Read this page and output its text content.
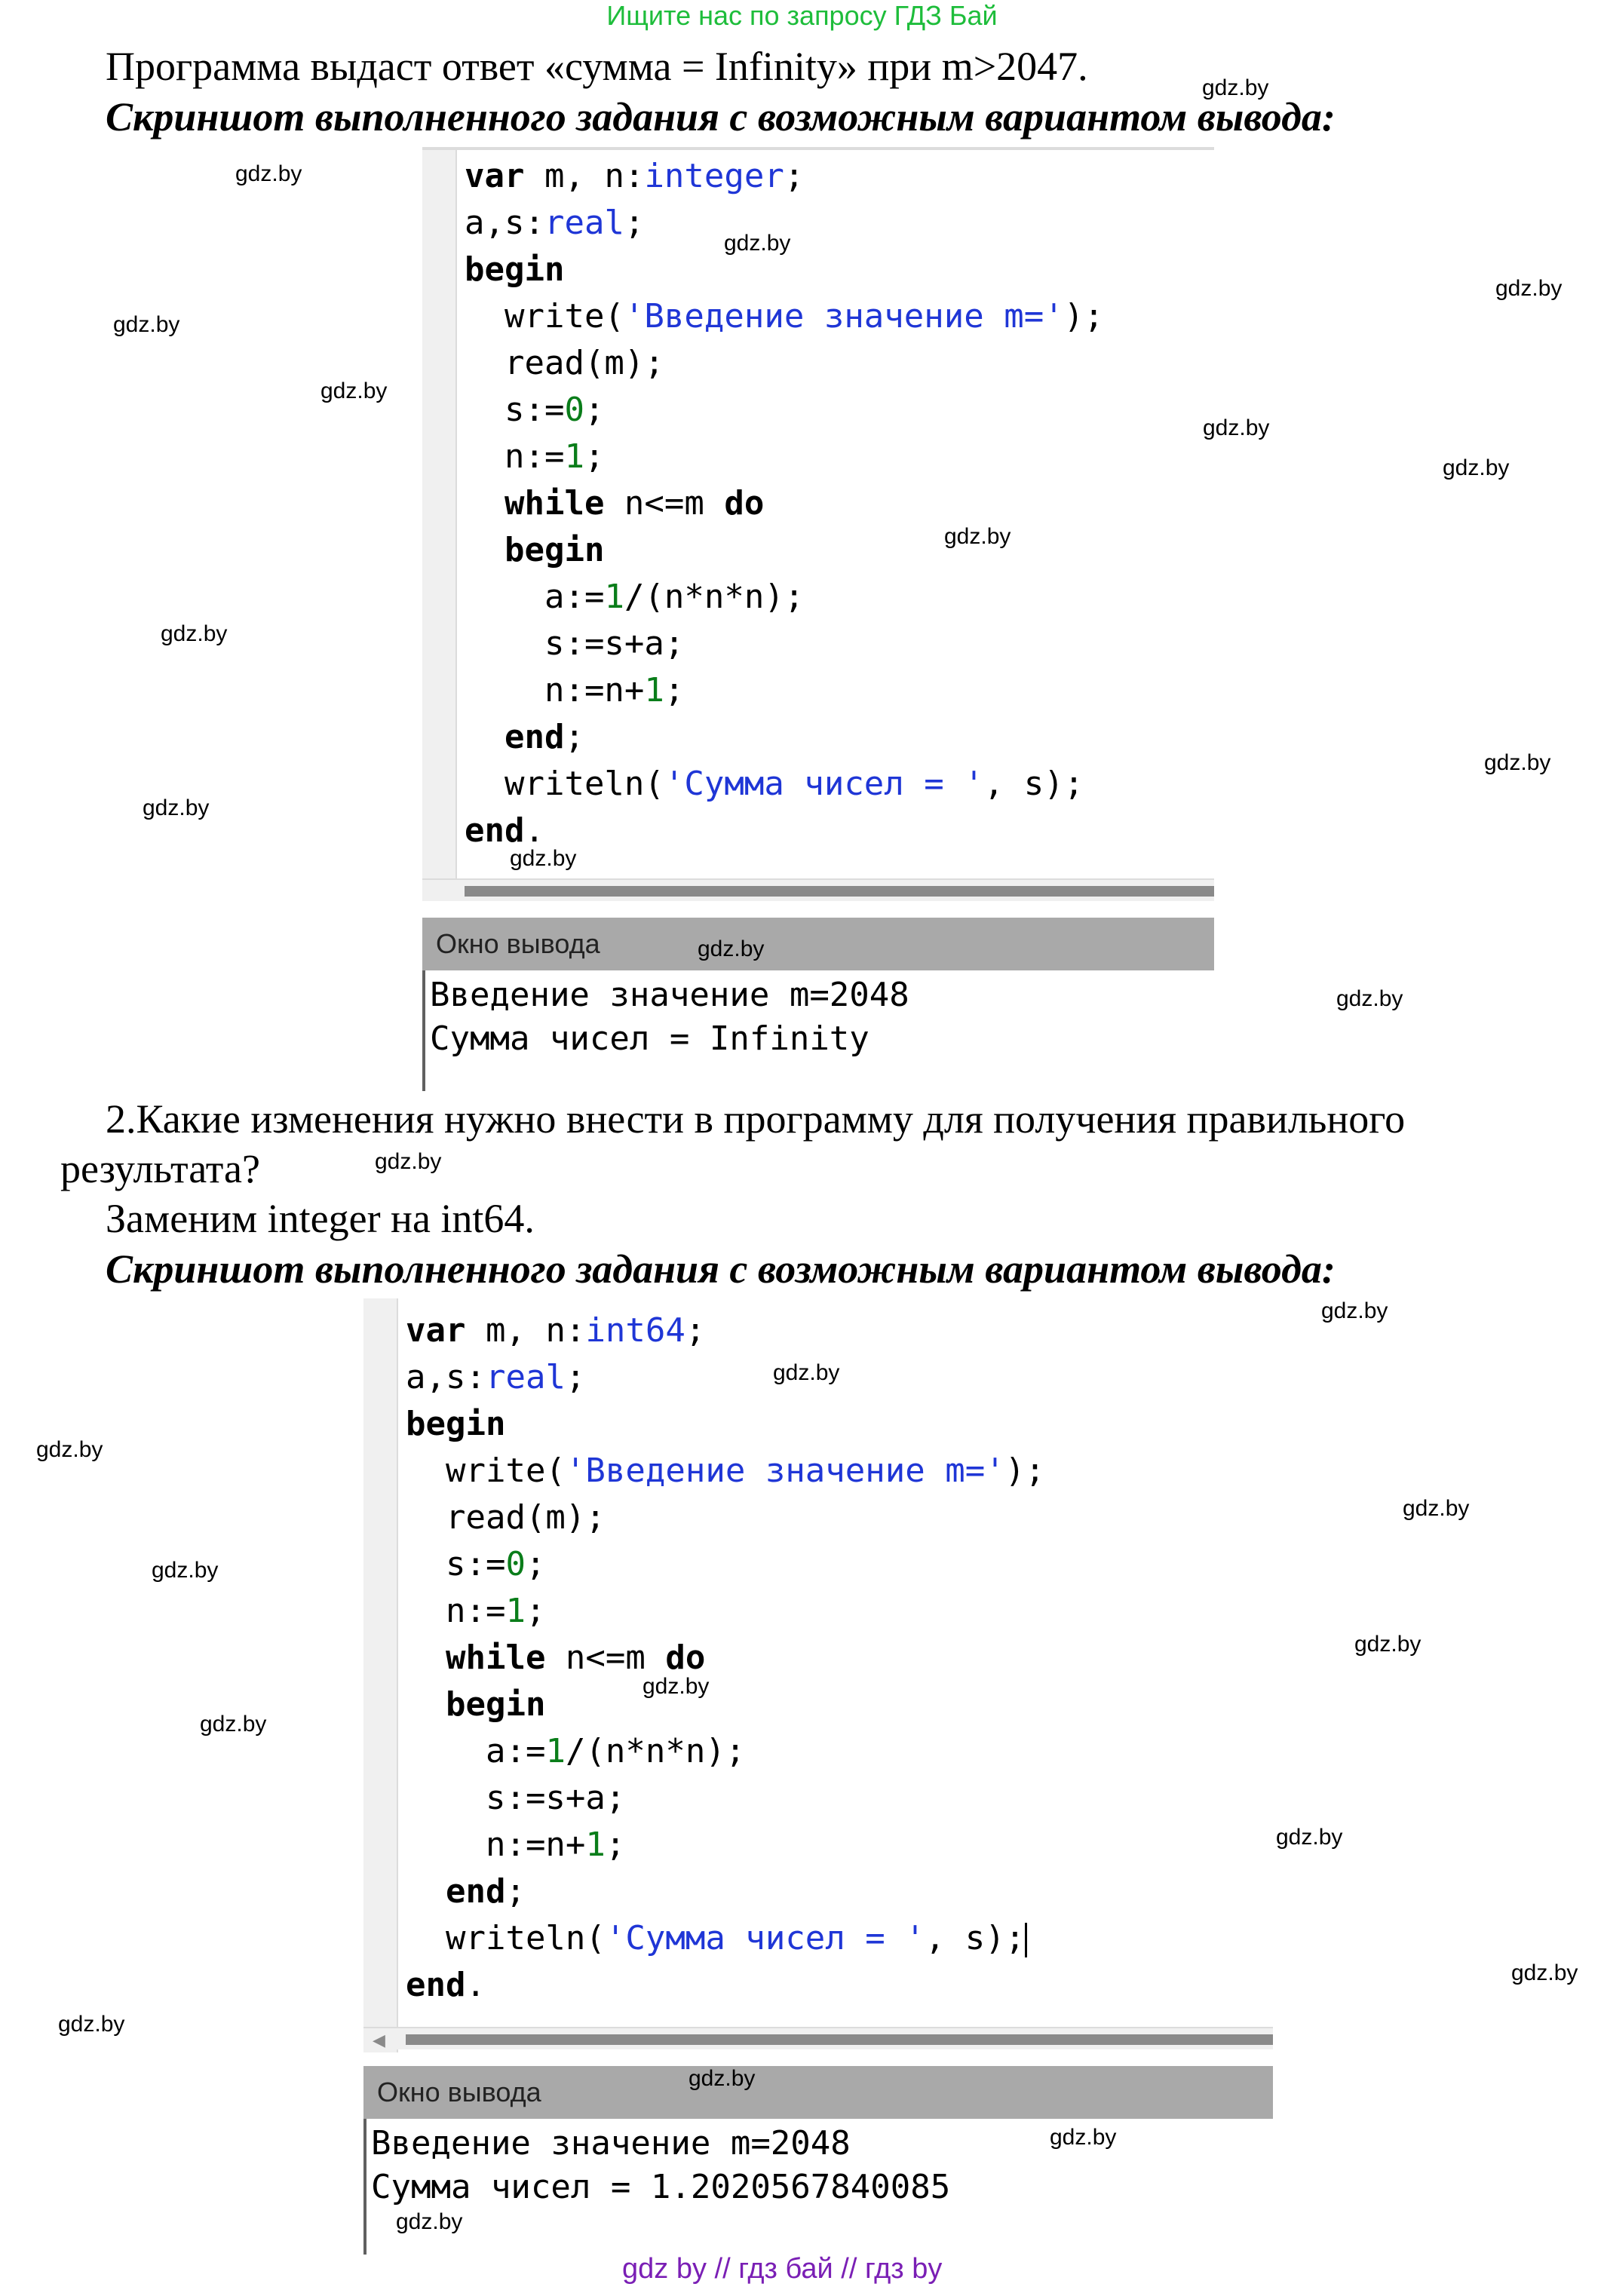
Ищите нас по запросу ГДЗ Бай
Программа выдаст ответ «сумма = Infinity» при m>2047.
Скриншот выполненного задания с возможным вариантом вывода:
var m, n:integer;
a,s:real;
begin
write('Введение значение m=');
read(m);
s:=0;
n:=1;
while n<=m do
begin
a:=1/(n*n*n);
s:=s+a;
n:=n+1;
end;
writeln('Сумма чисел = ', s);
end.
Окно вывода
Введение значение m=2048
Сумма чисел = Infinity
2.Какие изменения нужно внести в программу для получения правильного
результата?
Заменим integer на int64.
Скриншот выполненного задания с возможным вариантом вывода:
var m, n:int64;
a,s:real;
begin
write('Введение значение m=');
read(m);
s:=0;
n:=1;
while n<=m do
begin
a:=1/(n*n*n);
s:=s+a;
n:=n+1;
end;
writeln('Сумма чисел = ', s);
end.
◀
Окно вывода
Введение значение m=2048
Сумма чисел = 1.2020567840085
gdz.by
gdz.by
gdz.by
gdz.by
gdz.by
gdz.by
gdz.by
gdz.by
gdz.by
gdz.by
gdz.by
gdz.by
gdz.by
gdz.by
gdz.by
gdz.by
gdz.by
gdz.by
gdz.by
gdz.by
gdz.by
gdz.by
gdz.by
gdz.by
gdz.by
gdz.by
gdz.by
gdz.by
gdz.by
gdz.by
gdz by // гдз бай // гдз by
